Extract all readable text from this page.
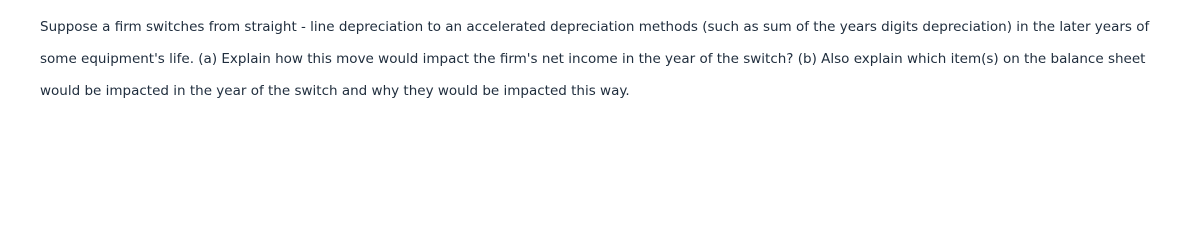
Suppose a firm switches from straight - line depreciation to an accelerated depreciation methods (such as sum of the years digits depreciation) in the later years of some equipment's life. (a) Explain how this move would impact the firm's net income in the year of the switch? (b) Also explain which item(s) on the balance sheet would be impacted in the year of the switch and why they would be impacted this way.
